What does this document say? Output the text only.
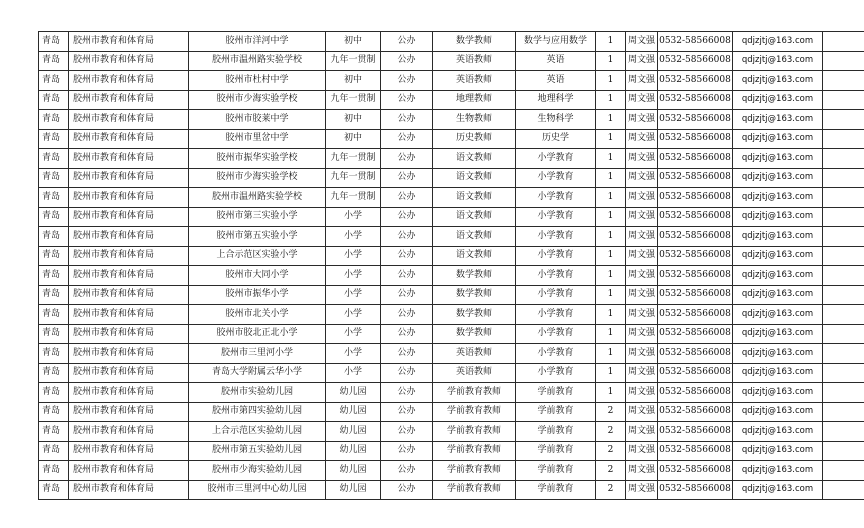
青岛	胶州市教育和体育局	胶州市洋河中学	初中	公办	数学教师	数学与应用数学	1	周文强	0532-58566008	qdjzjtj@163.com	
青岛	胶州市教育和体育局	胶州市温州路实验学校	九年一贯制	公办	英语教师	英语	1	周文强	0532-58566008	qdjzjtj@163.com	
青岛	胶州市教育和体育局	胶州市杜村中学	初中	公办	英语教师	英语	1	周文强	0532-58566008	qdjzjtj@163.com	
青岛	胶州市教育和体育局	胶州市少海实验学校	九年一贯制	公办	地理教师	地理科学	1	周文强	0532-58566008	qdjzjtj@163.com	
青岛	胶州市教育和体育局	胶州市胶莱中学	初中	公办	生物教师	生物科学	1	周文强	0532-58566008	qdjzjtj@163.com	
青岛	胶州市教育和体育局	胶州市里岔中学	初中	公办	历史教师	历史学	1	周文强	0532-58566008	qdjzjtj@163.com	
青岛	胶州市教育和体育局	胶州市振华实验学校	九年一贯制	公办	语文教师	小学教育	1	周文强	0532-58566008	qdjzjtj@163.com	
青岛	胶州市教育和体育局	胶州市少海实验学校	九年一贯制	公办	语文教师	小学教育	1	周文强	0532-58566008	qdjzjtj@163.com	
青岛	胶州市教育和体育局	胶州市温州路实验学校	九年一贯制	公办	语文教师	小学教育	1	周文强	0532-58566008	qdjzjtj@163.com	
青岛	胶州市教育和体育局	胶州市第三实验小学	小学	公办	语文教师	小学教育	1	周文强	0532-58566008	qdjzjtj@163.com	
青岛	胶州市教育和体育局	胶州市第五实验小学	小学	公办	语文教师	小学教育	1	周文强	0532-58566008	qdjzjtj@163.com	
青岛	胶州市教育和体育局	上合示范区实验小学	小学	公办	语文教师	小学教育	1	周文强	0532-58566008	qdjzjtj@163.com	
青岛	胶州市教育和体育局	胶州市大同小学	小学	公办	数学教师	小学教育	1	周文强	0532-58566008	qdjzjtj@163.com	
青岛	胶州市教育和体育局	胶州市振华小学	小学	公办	数学教师	小学教育	1	周文强	0532-58566008	qdjzjtj@163.com	
青岛	胶州市教育和体育局	胶州市北关小学	小学	公办	数学教师	小学教育	1	周文强	0532-58566008	qdjzjtj@163.com	
青岛	胶州市教育和体育局	胶州市胶北正北小学	小学	公办	数学教师	小学教育	1	周文强	0532-58566008	qdjzjtj@163.com	
青岛	胶州市教育和体育局	胶州市三里河小学	小学	公办	英语教师	小学教育	1	周文强	0532-58566008	qdjzjtj@163.com	
青岛	胶州市教育和体育局	青岛大学附属云华小学	小学	公办	英语教师	小学教育	1	周文强	0532-58566008	qdjzjtj@163.com	
青岛	胶州市教育和体育局	胶州市实验幼儿园	幼儿园	公办	学前教育教师	学前教育	1	周文强	0532-58566008	qdjzjtj@163.com	
青岛	胶州市教育和体育局	胶州市第四实验幼儿园	幼儿园	公办	学前教育教师	学前教育	2	周文强	0532-58566008	qdjzjtj@163.com	
青岛	胶州市教育和体育局	上合示范区实验幼儿园	幼儿园	公办	学前教育教师	学前教育	2	周文强	0532-58566008	qdjzjtj@163.com	
青岛	胶州市教育和体育局	胶州市第五实验幼儿园	幼儿园	公办	学前教育教师	学前教育	2	周文强	0532-58566008	qdjzjtj@163.com	
青岛	胶州市教育和体育局	胶州市少海实验幼儿园	幼儿园	公办	学前教育教师	学前教育	2	周文强	0532-58566008	qdjzjtj@163.com	
青岛	胶州市教育和体育局	胶州市三里河中心幼儿园	幼儿园	公办	学前教育教师	学前教育	2	周文强	0532-58566008	qdjzjtj@163.com	
